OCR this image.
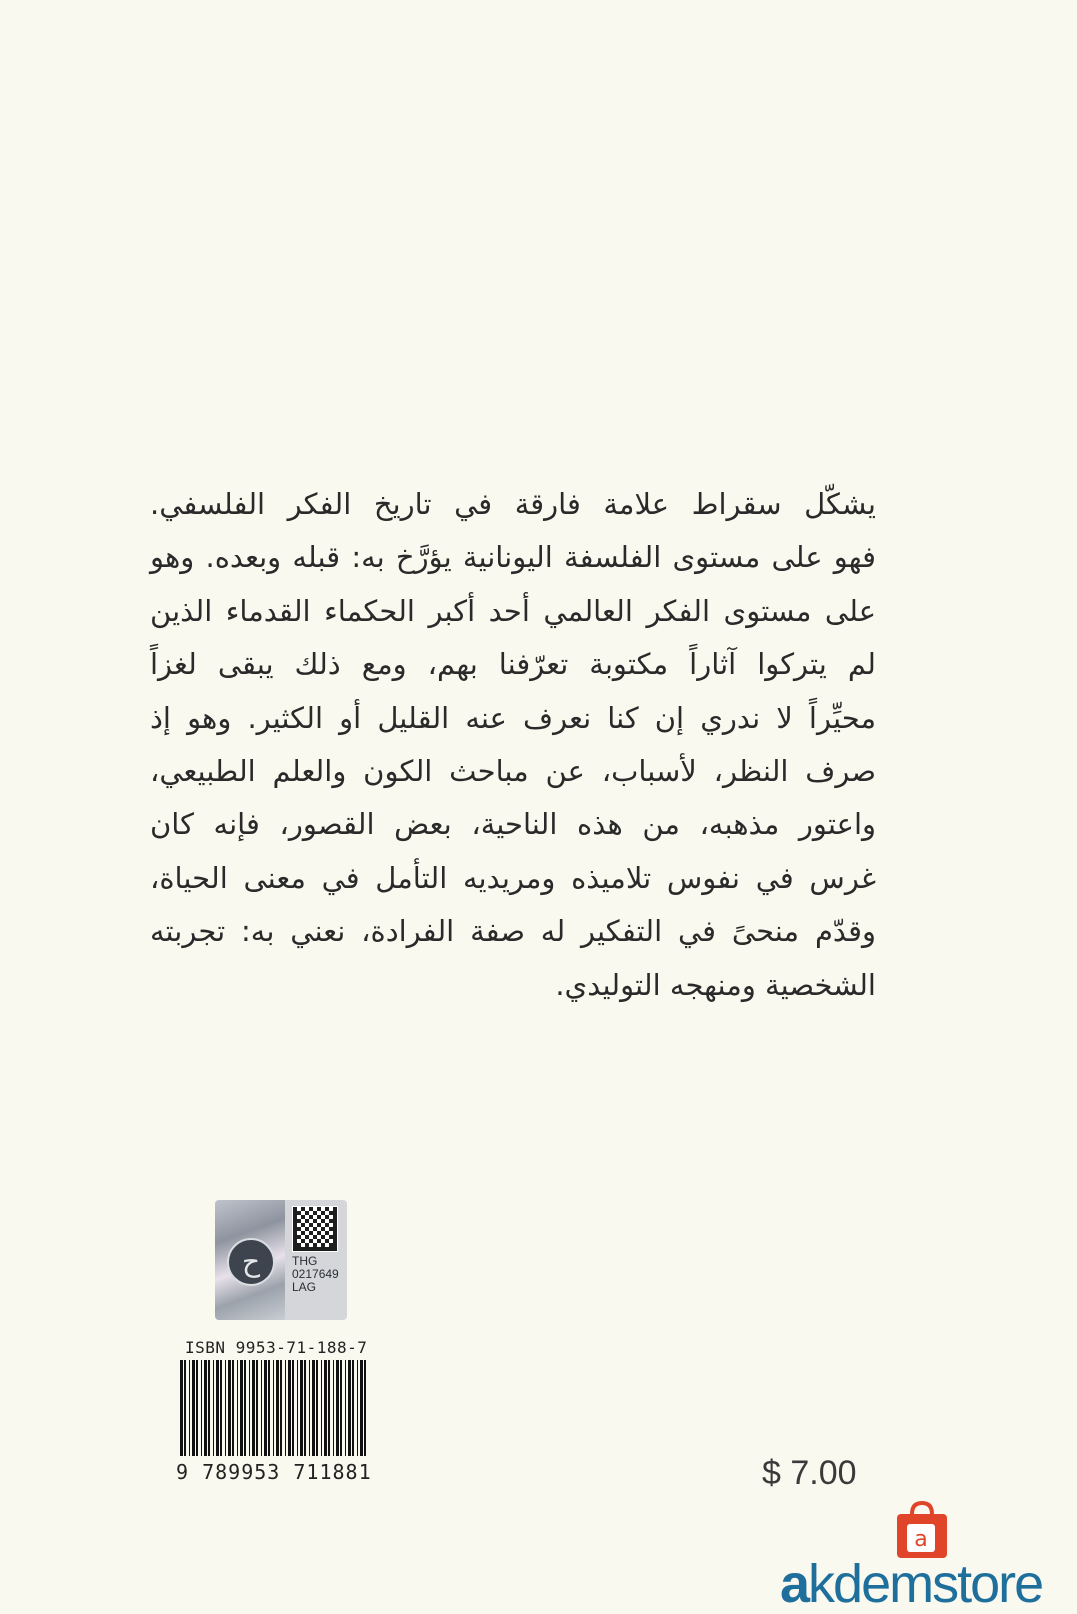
يشكّل سقراط علامة فارقة في تاريخ الفكر الفلسفي.
فهو على مستوى الفلسفة اليونانية يؤرَّخ به: قبله وبعده. وهو
على مستوى الفكر العالمي أحد أكبر الحكماء القدماء الذين
لم يتركوا آثاراً مكتوبة تعرّفنا بهم، ومع ذلك يبقى لغزاً
محيِّراً لا ندري إن كنا نعرف عنه القليل أو الكثير. وهو إذ
صرف النظر، لأسباب، عن مباحث الكون والعلم الطبيعي،
واعتور مذهبه، من هذه الناحية، بعض القصور، فإنه كان
غرس في نفوس تلاميذه ومريديه التأمل في معنى الحياة،
وقدّم منحىً في التفكير له صفة الفرادة، نعني به: تجربته
الشخصية ومنهجه التوليدي.
ح	THG
0217649
LAG
ISBN 9953-71-188-7
9 789953 711881	$ 7.00
a
akdemstore
